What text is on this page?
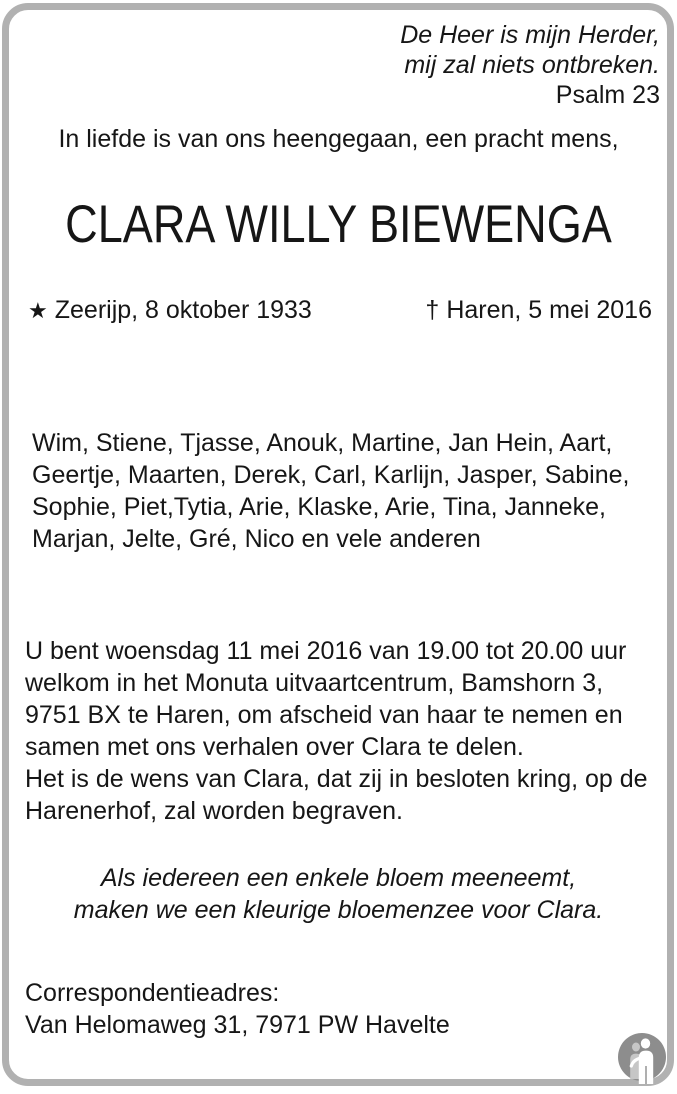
De Heer is mijn Herder,
mij zal niets ontbreken.
Psalm 23
In liefde is van ons heengegaan, een pracht mens,
CLARA WILLY BIEWENGA
★ Zeerijp, 8 oktober 1933	† Haren, 5 mei 2016
Wim, Stiene, Tjasse, Anouk, Martine, Jan Hein, Aart,
Geertje, Maarten, Derek, Carl, Karlijn, Jasper, Sabine,
Sophie, Piet,Tytia, Arie, Klaske, Arie, Tina, Janneke,
Marjan, Jelte, Gré, Nico en vele anderen
U bent woensdag 11 mei 2016 van 19.00 tot 20.00 uur
welkom in het Monuta uitvaartcentrum, Bamshorn 3,
9751 BX te Haren, om afscheid van haar te nemen en
samen met ons verhalen over Clara te delen.
Het is de wens van Clara, dat zij in besloten kring, op de
Harenerhof, zal worden begraven.
Als iedereen een enkele bloem meeneemt,
maken we een kleurige bloemenzee voor Clara.
Correspondentieadres:
Van Helomaweg 31, 7971 PW Havelte
